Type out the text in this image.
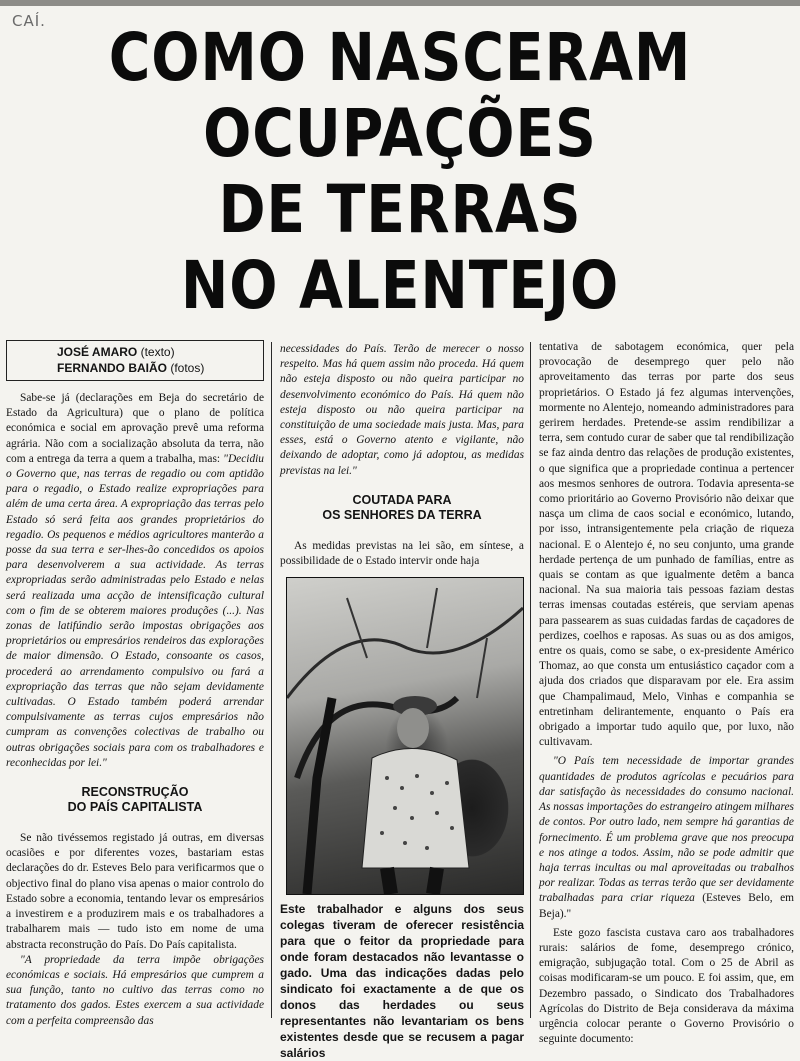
CAÍ. COMO NASCERAM
OCUPAÇÕES
DE TERRAS
NO ALENTEJO
JOSÉ AMARO (texto)
FERNANDO BAIÃO (fotos)

Sabe-se já (declarações em Beja do secretário de Estado da Agricultura) que o plano de política económica e social em aprovação prevê uma reforma agrária. Não com a socialização absoluta da terra, não com a entrega da terra a quem a trabalha, mas: "Decidiu o Governo que, nas terras de regadio ou com aptidão para o regadio, o Estado realize expropriações para além de uma certa área. A expropriação das terras pelo Estado só será feita aos grandes proprietários do regadio. Os pequenos e médios agricultores manterão a posse da sua terra e ser-lhes-ão concedidos os apoios para desenvolverem a sua actividade. As terras expropriadas serão administradas pelo Estado e nelas será realizada uma acção de intensificação cultural com o fim de se obterem maiores produções (...). Nas zonas de latifúndio serão impostas obrigações aos proprietários ou empresários rendeiros das explorações de maior dimensão. O Estado, consoante os casos, procederá ao arrendamento compulsivo ou fará a expropriação das terras que não sejam devidamente cultivadas. O Estado também poderá arrendar compulsivamente as terras cujos empresários não cumpram as convenções colectivas de trabalho ou outras obrigações sociais para com os trabalhadores e reconhecidas por lei."

RECONSTRUÇÃO
DO PAÍS CAPITALISTA

Se não tivéssemos registado já outras, em diversas ocasiões e por diferentes vozes, bastariam estas declarações do dr. Esteves Belo para verificarmos que o objectivo final do plano visa apenas o maior controlo do Estado sobre a economia, tentando levar os empresários a investirem e a produzirem mais e os trabalhadores a trabalharem mais — tudo isto em nome de uma abstracta reconstrução do País. Do País capitalista.

"A propriedade da terra impõe obrigações económicas e sociais. Há empresários que cumprem a sua função, tanto no cultivo das terras como no tratamento dos gados. Estes exercem a sua actividade com a perfeita compreensão das

necessidades do País. Terão de merecer o nosso respeito. Mas há quem assim não proceda. Há quem não esteja disposto ou não queira participar no desenvolvimento económico do País. Há quem não esteja disposto ou não queira participar na constituição de uma sociedade mais justa. Mas, para esses, está o Governo atento e vigilante, não deixando de adoptar, como já adoptou, as medidas previstas na lei."

COUTADA PARA
OS SENHORES DA TERRA

As medidas previstas na lei são, em síntese, a possibilidade de o Estado intervir onde haja

Este trabalhador e alguns dos seus colegas tiveram de oferecer resistência para que o feitor da propriedade para onde foram destacados não levantasse o gado. Uma das indicações dadas pelo sindicato foi exactamente a de que os donos das herdades ou seus representantes não levantariam os bens existentes desde que se recusem a pagar salários

tentativa de sabotagem económica, quer pela provocação de desemprego quer pelo não aproveitamento das terras por parte dos seus proprietários. O Estado já fez algumas intervenções, mormente no Alentejo, nomeando administradores para gerirem herdades. Pretende-se assim rendibilizar a terra, sem contudo curar de saber que tal rendibilização se faz ainda dentro das relações de produção existentes, o que significa que a propriedade continua a pertencer aos mesmos senhores de outrora. Todavia apresenta-se como prioritário ao Governo Provisório não deixar que nasça um clima de caos social e económico, lutando, por isso, intransigentemente pela criação de riqueza nacional. E o Alentejo é, no seu conjunto, uma grande herdade pertença de um punhado de famílias, entre as quais se contam as que igualmente detêm a banca nacional. Na sua maioria tais pessoas faziam destas terras imensas coutadas estéreis, que serviam apenas para passearem as suas cuidadas fardas de caçadores de perdizes, coelhos e raposas. As suas ou as dos amigos, entre os quais, como se sabe, o ex-presidente Américo Thomaz, ao que consta um entusiástico caçador com a ajuda dos criados que disparavam por ele. Era assim que Champalimaud, Melo, Vinhas e companhia se entretinham delirantemente, enquanto o País era obrigado a importar tudo aquilo que, por luxo, não cultivavam.

"O País tem necessidade de importar grandes quantidades de produtos agrícolas e pecuários para dar satisfação às necessidades do consumo nacional. As nossas importações do estrangeiro atingem milhares de contos. Por outro lado, nem sempre há garantias de fornecimento. É um problema grave que nos preocupa e nos atinge a todos. Assim, não se pode admitir que haja terras incultas ou mal aproveitadas ou trabalhos por realizar. Todas as terras terão que ser devidamente trabalhadas para criar riqueza (Esteves Belo, em Beja)."

Este gozo fascista custava caro aos trabalhadores rurais: salários de fome, desemprego crónico, emigração, subjugação total. Com o 25 de Abril as coisas modificaram-se um pouco. E foi assim, que, em Dezembro passado, o Sindicato dos Trabalhadores Agrícolas do Distrito de Beja considerava da máxima urgência colocar perante o Governo Provisório o seguinte documento:
